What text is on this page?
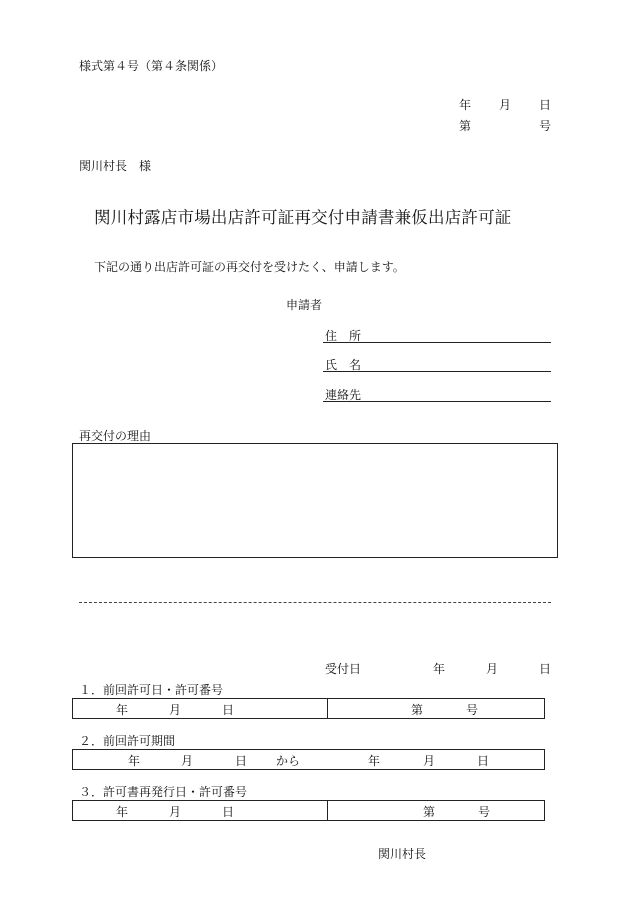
様式第４号（第４条関係）
年 月 日
第	号
関川村長　様
関川村露店市場出店許可証再交付申請書兼仮出店許可証
下記の通り出店許可証の再交付を受けたく、申請します。
申請者
住　所
氏　名
連絡先
再交付の理由
受付日	年	月	日
１．前回許可日・許可番号
年	月	日	第	号
２．前回許可期間
年	月	日 から	年	月	日
３．許可書再発行日・許可番号
年	月	日	第	号
関川村長
